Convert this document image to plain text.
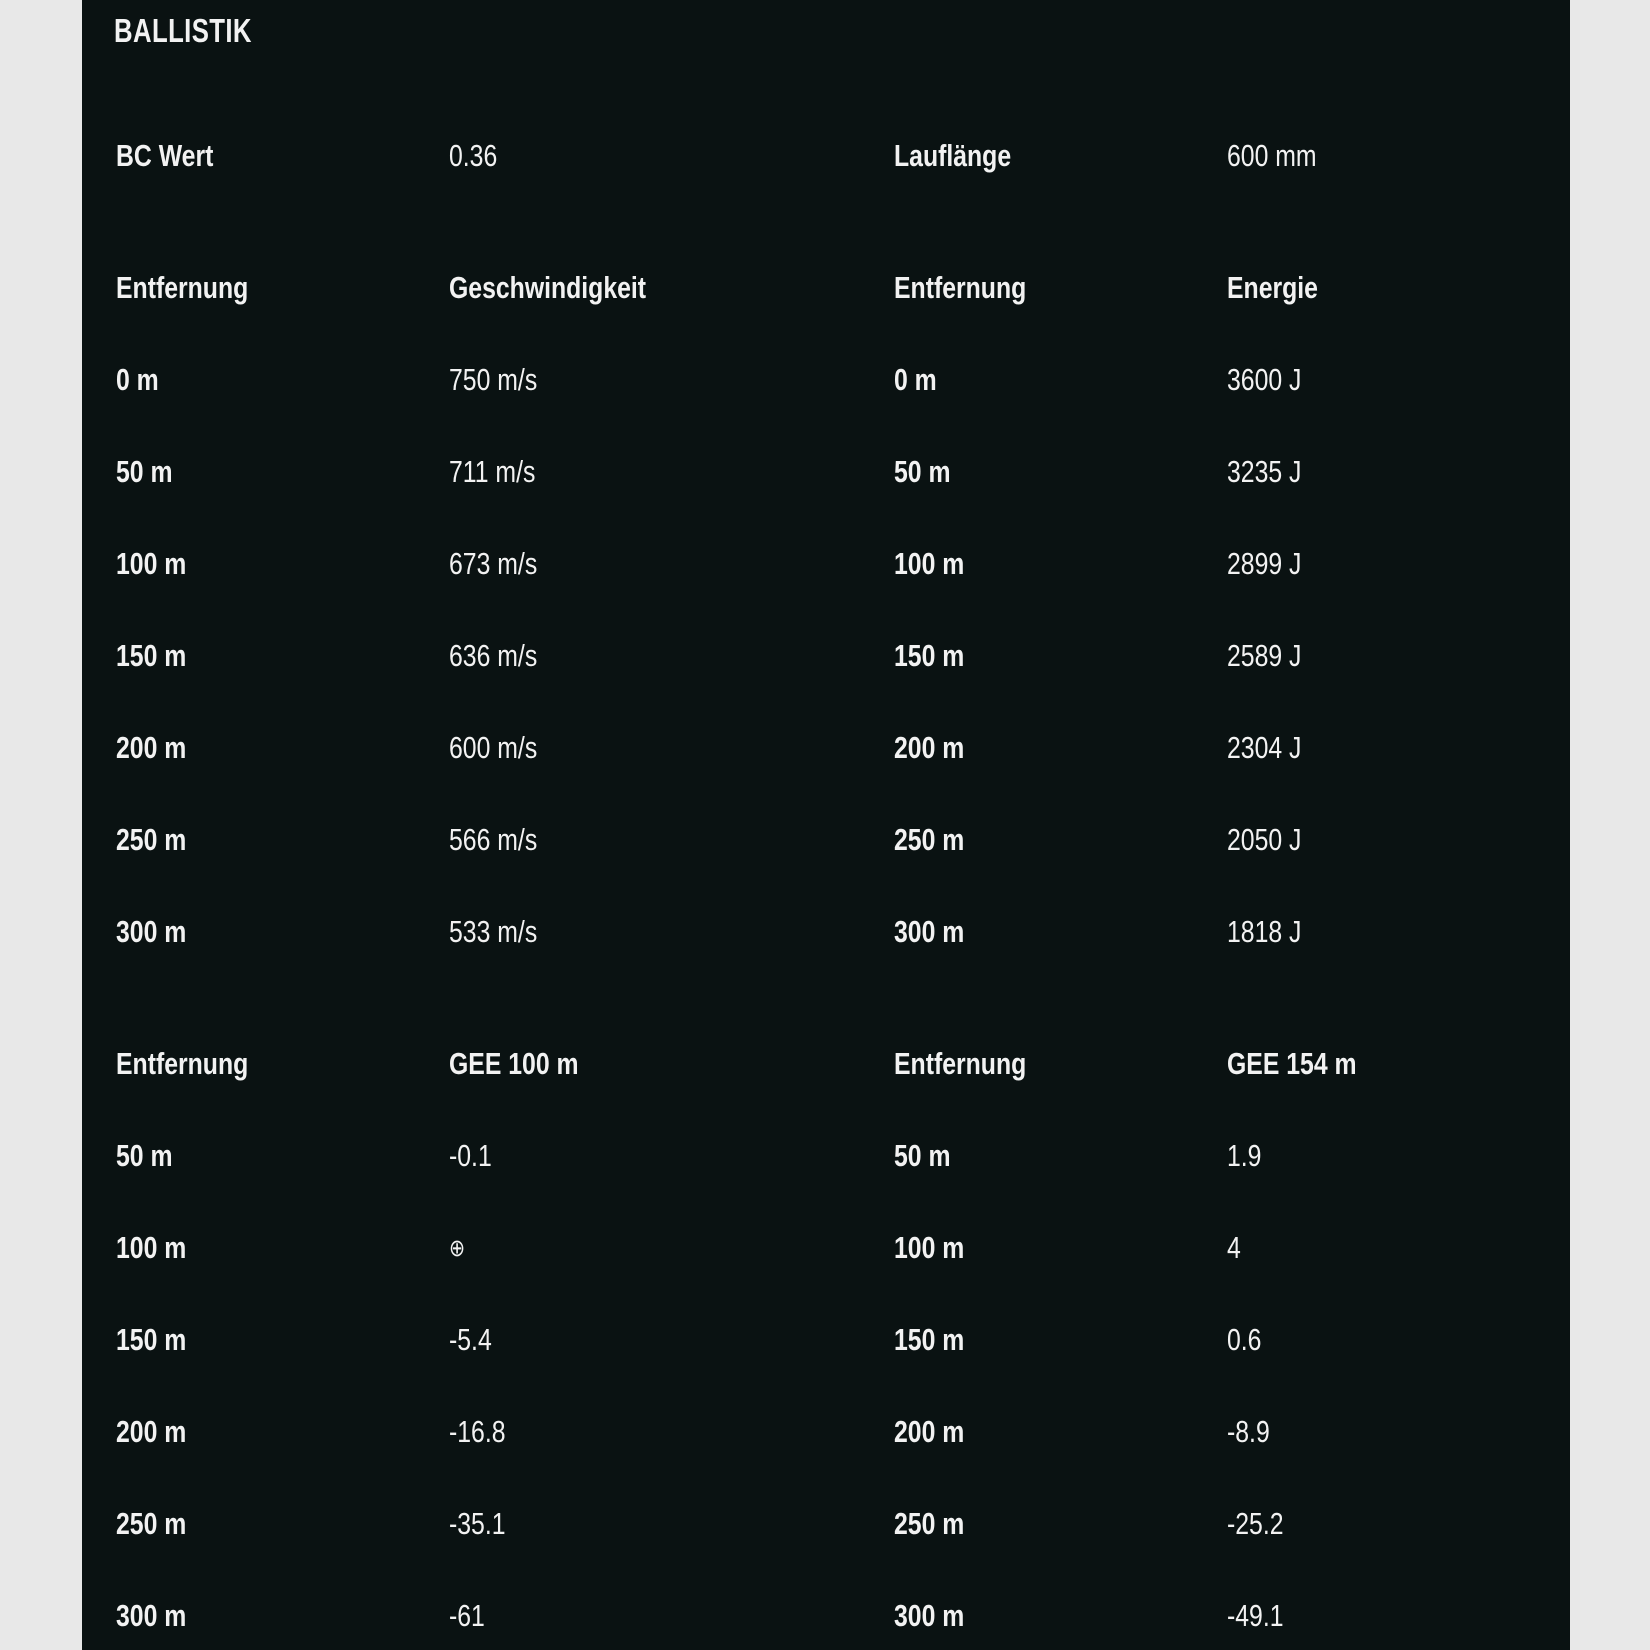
BALLISTIK
BC Wert	0.36	Lauflänge	600 mm
Entfernung	Geschwindigkeit	Entfernung	Energie
0 m	750 m/s	0 m	3600 J
50 m	711 m/s	50 m	3235 J
100 m	673 m/s	100 m	2899 J
150 m	636 m/s	150 m	2589 J
200 m	600 m/s	200 m	2304 J
250 m	566 m/s	250 m	2050 J
300 m	533 m/s	300 m	1818 J
Entfernung	GEE 100 m	Entfernung	GEE 154 m
50 m	-0.1	50 m	1.9
100 m	⊕	100 m	4
150 m	-5.4	150 m	0.6
200 m	-16.8	200 m	-8.9
250 m	-35.1	250 m	-25.2
300 m	-61	300 m	-49.1
